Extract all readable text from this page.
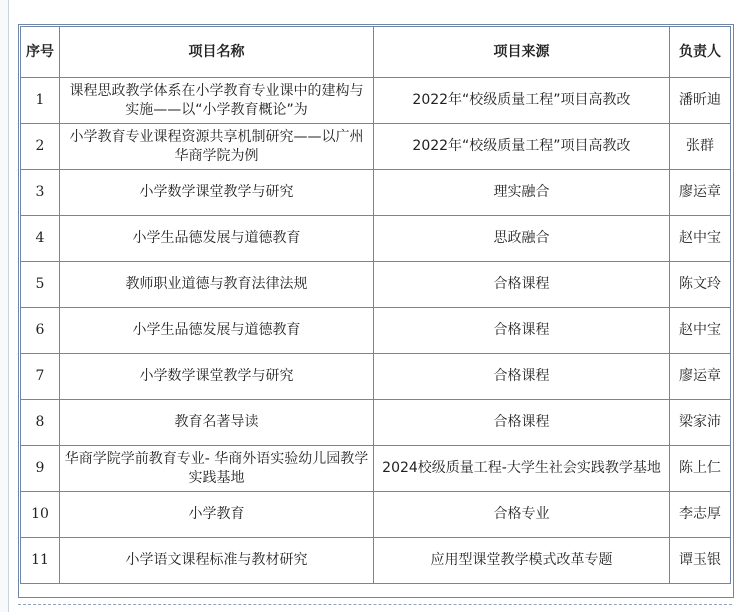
序号	项目名称	项目来源	负责人
1	课程思政教学体系在小学教育专业课中的建构与实施——以“小学教育概论”为	2022年“校级质量工程”项目高教改	潘昕迪
2	小学教育专业课程资源共享机制研究——以广州华商学院为例	2022年“校级质量工程”项目高教改	张群
3	小学数学课堂教学与研究	理实融合	廖运章
4	小学生品德发展与道德教育	思政融合	赵中宝
5	教师职业道德与教育法律法规	合格课程	陈文玲
6	小学生品德发展与道德教育	合格课程	赵中宝
7	小学数学课堂教学与研究	合格课程	廖运章
8	教育名著导读	合格课程	梁家沛
9	华商学院学前教育专业- 华商外语实验幼儿园教学实践基地	2024校级质量工程-大学生社会实践教学基地	陈上仁
10	小学教育	合格专业	李志厚
11	小学语文课程标准与教材研究	应用型课堂教学模式改革专题	谭玉银
